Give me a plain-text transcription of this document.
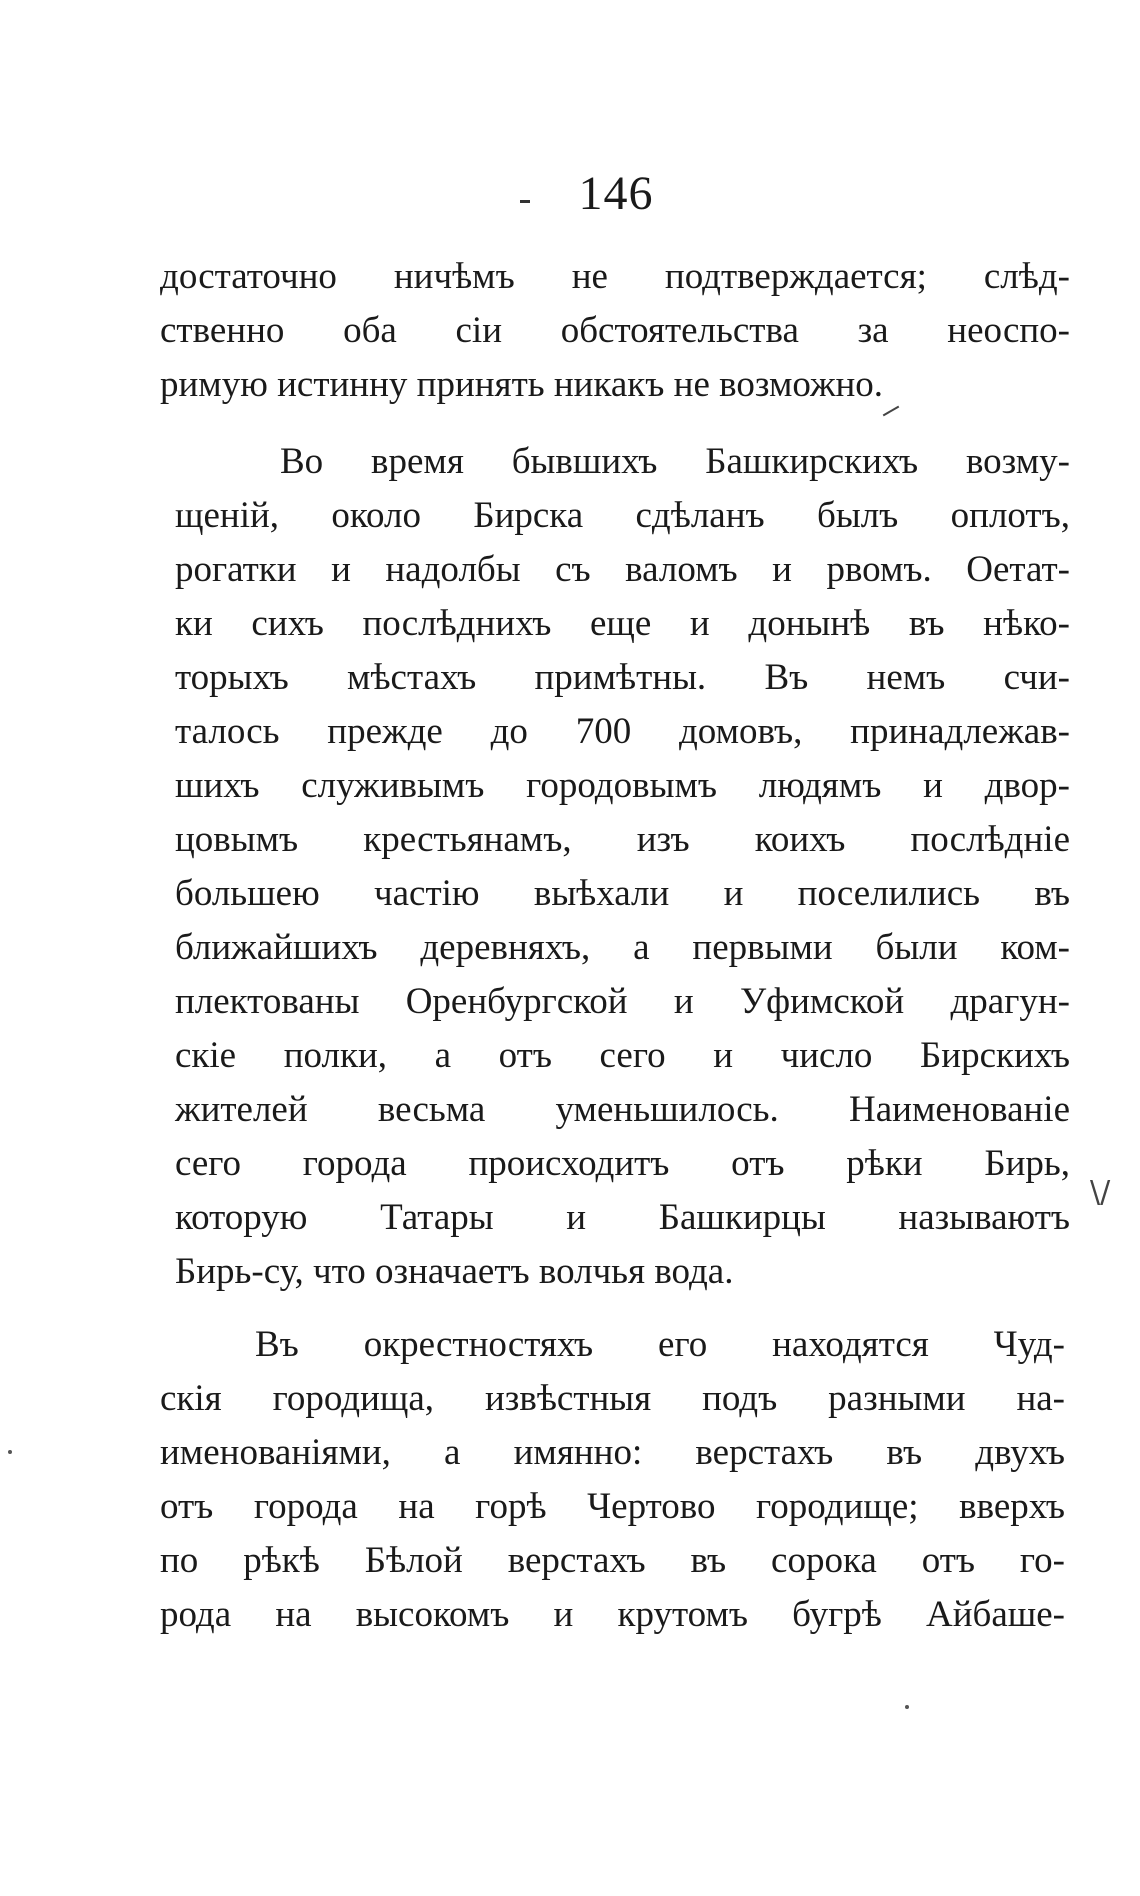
146
достаточно ничѣмъ не подтверждается; слѣд-
ственно оба сіи обстоятельства за неоспо-
римую истинну принять никакъ не возможно.
Во время бывшихъ Башкирскихъ возму-
щеній, около Бирска сдѣланъ былъ оплотъ,
рогатки и надолбы съ валомъ и рвомъ. Оетат-
ки сихъ послѣднихъ еще и донынѣ въ нѣко-
торыхъ мѣстахъ примѣтны. Въ немъ счи-
талось прежде до 700 домовъ, принадлежав-
шихъ служивымъ городовымъ людямъ и двор-
цовымъ крестьянамъ, изъ коихъ послѣдніе
большею частію выѣхали и поселились въ
ближайшихъ деревняхъ, а первыми были ком-
плектованы Оренбургской и Уфимской драгун-
скіе полки, а отъ сего и число Бирскихъ
жителей весьма уменьшилось. Наименованіе
сего города происходитъ отъ рѣки Бирь,
которую Татары и Башкирцы называютъ
Бирь-су, что означаетъ волчья вода.
\/
Въ окрестностяхъ его находятся Чуд-
скія городища, извѣстныя подъ разными на-
именованіями, а имянно: верстахъ въ двухъ
отъ города на горѣ Чертово городище; вверхъ
по рѣкѣ Бѣлой верстахъ въ сорока отъ го-
рода на высокомъ и крутомъ бугрѣ Айбаше-
